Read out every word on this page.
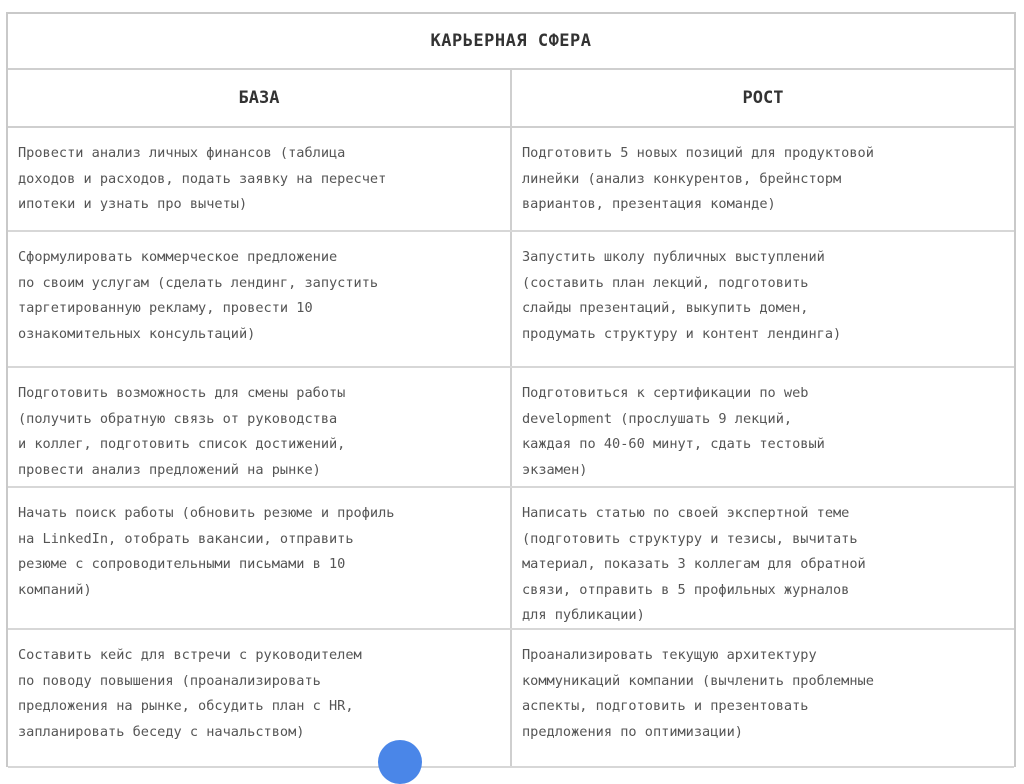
КАРЬЕРНАЯ СФЕРА
БАЗА	РОСТ
Провести анализ личных финансов (таблица
доходов и расходов, подать заявку на пересчет
ипотеки и узнать про вычеты)
Подготовить 5 новых позиций для продуктовой
линейки (анализ конкурентов, брейнсторм
вариантов, презентация команде)
Сформулировать коммерческое предложение
по своим услугам (сделать лендинг, запустить
таргетированную рекламу, провести 10
ознакомительных консультаций)
Запустить школу публичных выступлений
(составить план лекций, подготовить
слайды презентаций, выкупить домен,
продумать структуру и контент лендинга)
Подготовить возможность для смены работы
(получить обратную связь от руководства
и коллег, подготовить список достижений,
провести анализ предложений на рынке)
Подготовиться к сертификации по web
development (прослушать 9 лекций,
каждая по 40-60 минут, сдать тестовый
экзамен)
Начать поиск работы (обновить резюме и профиль
на LinkedIn, отобрать вакансии, отправить
резюме с сопроводительными письмами в 10
компаний)
Написать статью по своей экспертной теме
(подготовить структуру и тезисы, вычитать
материал, показать 3 коллегам для обратной
связи, отправить в 5 профильных журналов
для публикации)
Составить кейс для встречи с руководителем
по поводу повышения (проанализировать
предложения на рынке, обсудить план с HR,
запланировать беседу с начальством)
Проанализировать текущую архитектуру
коммуникаций компании (вычленить проблемные
аспекты, подготовить и презентовать
предложения по оптимизации)
